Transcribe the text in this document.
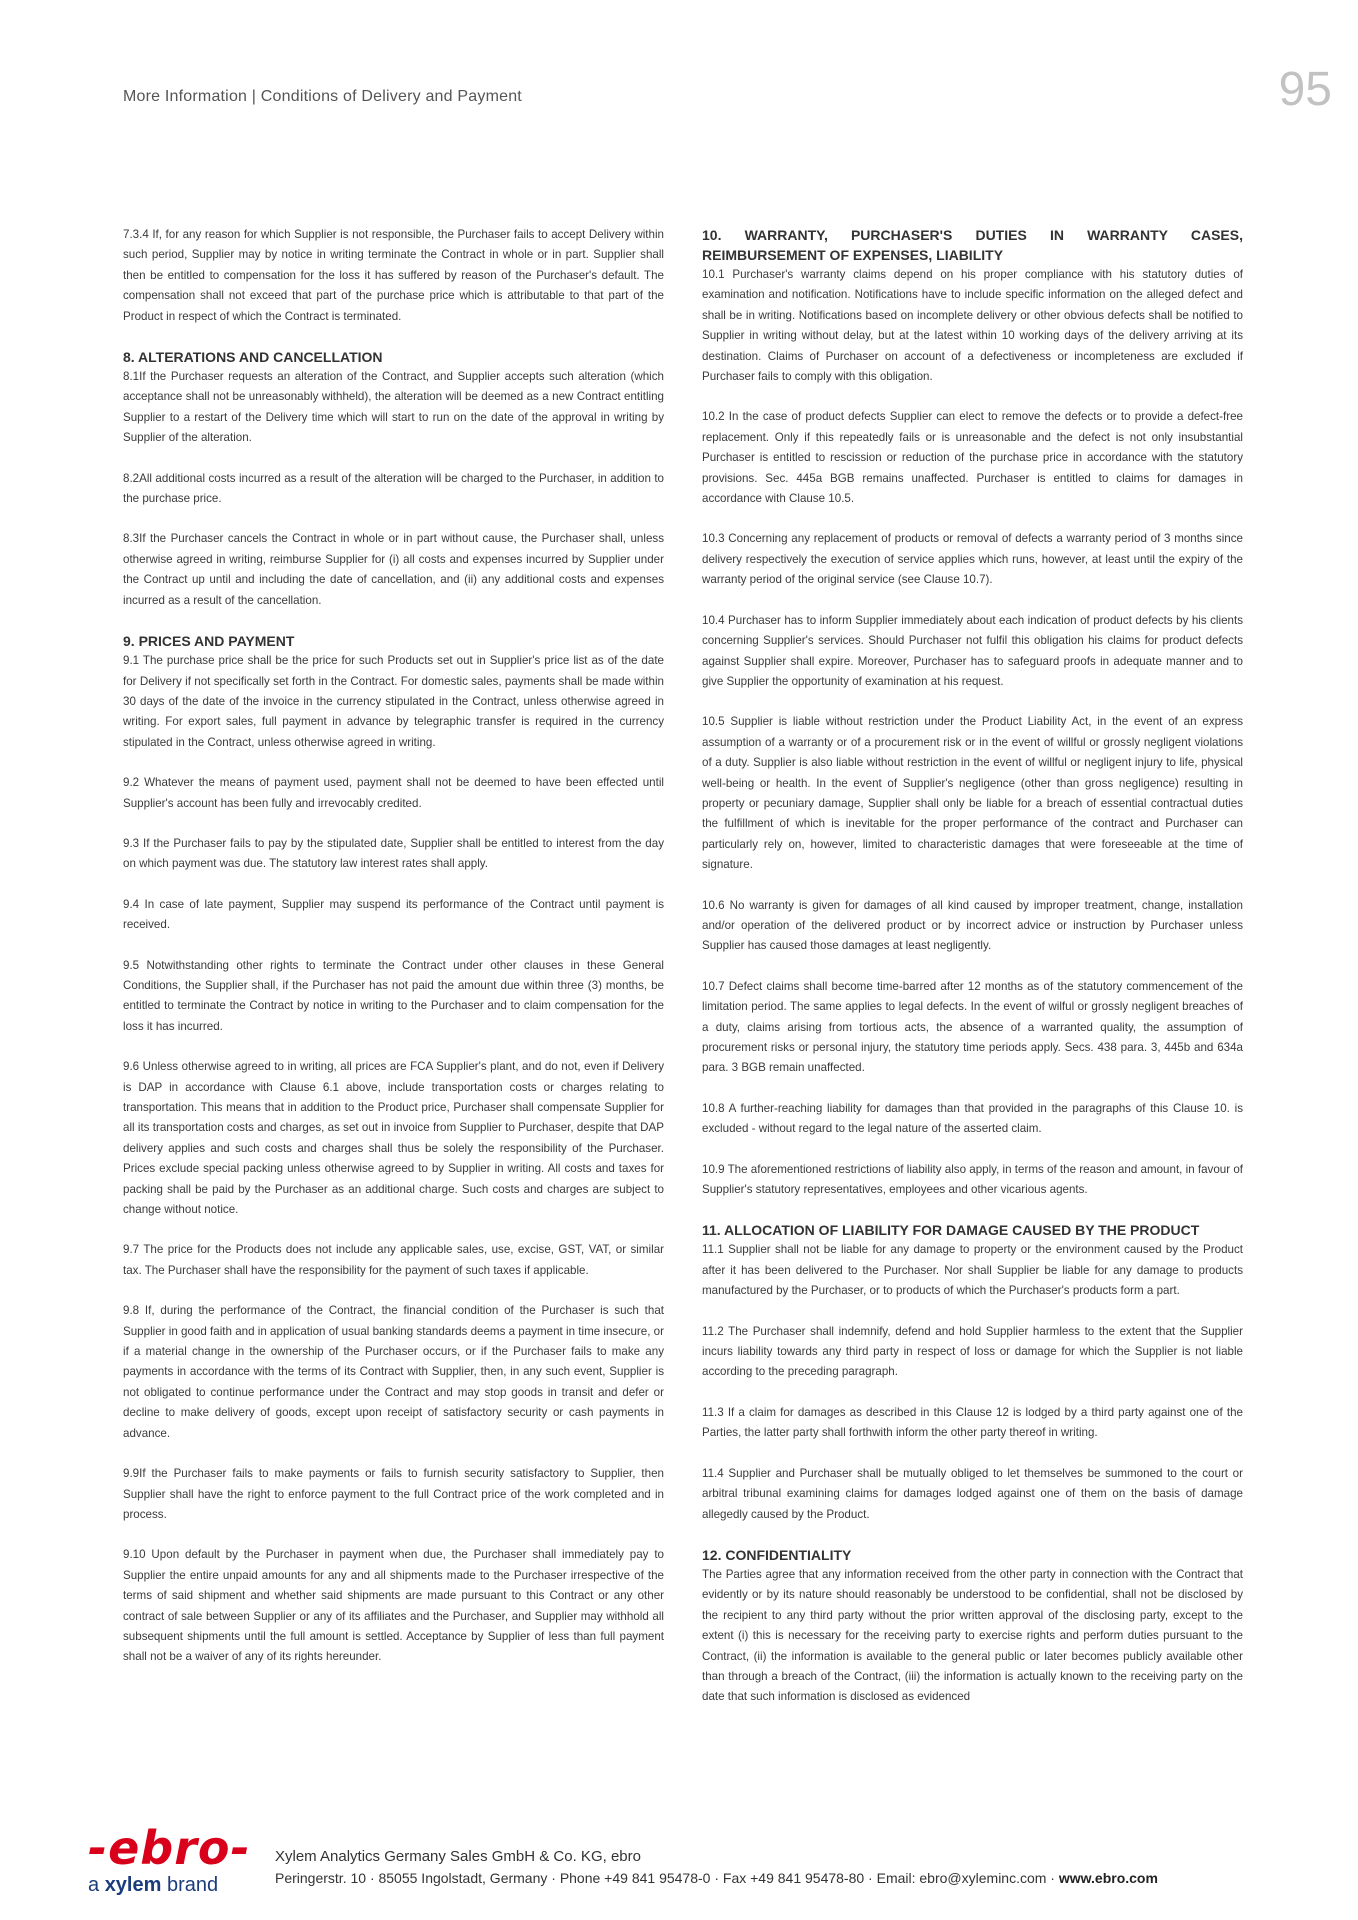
More Information | Conditions of Delivery and Payment	95

7.3.4 If, for any reason for which Supplier is not responsible, the Purchaser fails to accept Delivery within such period, Supplier may by notice in writing terminate the Contract in whole or in part. Supplier shall then be entitled to compensation for the loss it has suffered by reason of the Purchaser's default. The compensation shall not exceed that part of the purchase price which is attributable to that part of the Product in respect of which the Contract is terminated.

8. ALTERATIONS AND CANCELLATION

8.1If the Purchaser requests an alteration of the Contract, and Supplier accepts such alteration (which acceptance shall not be unreasonably withheld), the alteration will be deemed as a new Contract entitling Supplier to a restart of the Delivery time which will start to run on the date of the approval in writing by Supplier of the alteration.

8.2All additional costs incurred as a result of the alteration will be charged to the Purchaser, in addition to the purchase price.

8.3If the Purchaser cancels the Contract in whole or in part without cause, the Purchaser shall, unless otherwise agreed in writing, reimburse Supplier for (i) all costs and expenses incurred by Supplier under the Contract up until and including the date of cancellation, and (ii) any additional costs and expenses incurred as a result of the cancellation.

9. PRICES AND PAYMENT

9.1 The purchase price shall be the price for such Products set out in Supplier's price list as of the date for Delivery if not specifically set forth in the Contract. For domestic sales, payments shall be made within 30 days of the date of the invoice in the currency stipulated in the Contract, unless otherwise agreed in writing. For export sales, full payment in advance by telegraphic transfer is required in the currency stipulated in the Contract, unless otherwise agreed in writing.

9.2 Whatever the means of payment used, payment shall not be deemed to have been effected until Supplier's account has been fully and irrevocably credited.

9.3 If the Purchaser fails to pay by the stipulated date, Supplier shall be entitled to interest from the day on which payment was due. The statutory law interest rates shall apply.

9.4 In case of late payment, Supplier may suspend its performance of the Contract until payment is received.

9.5 Notwithstanding other rights to terminate the Contract under other clauses in these General Conditions, the Supplier shall, if the Purchaser has not paid the amount due within three (3) months, be entitled to terminate the Contract by notice in writing to the Purchaser and to claim compensation for the loss it has incurred.

9.6 Unless otherwise agreed to in writing, all prices are FCA Supplier's plant, and do not, even if Delivery is DAP in accordance with Clause 6.1 above, include transportation costs or charges relating to transportation. This means that in addition to the Product price, Purchaser shall compensate Supplier for all its transportation costs and charges, as set out in invoice from Supplier to Purchaser, despite that DAP delivery applies and such costs and charges shall thus be solely the responsibility of the Purchaser. Prices exclude special packing unless otherwise agreed to by Supplier in writing. All costs and taxes for packing shall be paid by the Purchaser as an additional charge. Such costs and charges are subject to change without notice.

9.7 The price for the Products does not include any applicable sales, use, excise, GST, VAT, or similar tax. The Purchaser shall have the responsibility for the payment of such taxes if applicable.

9.8 If, during the performance of the Contract, the financial condition of the Purchaser is such that Supplier in good faith and in application of usual banking standards deems a payment in time insecure, or if a material change in the ownership of the Purchaser occurs, or if the Purchaser fails to make any payments in accordance with the terms of its Contract with Supplier, then, in any such event, Supplier is not obligated to continue performance under the Contract and may stop goods in transit and defer or decline to make delivery of goods, except upon receipt of satisfactory security or cash payments in advance.

9.9If the Purchaser fails to make payments or fails to furnish security satisfactory to Supplier, then Supplier shall have the right to enforce payment to the full Contract price of the work completed and in process.

9.10 Upon default by the Purchaser in payment when due, the Purchaser shall immediately pay to Supplier the entire unpaid amounts for any and all shipments made to the Purchaser irrespective of the terms of said shipment and whether said shipments are made pursuant to this Contract or any other contract of sale between Supplier or any of its affiliates and the Purchaser, and Supplier may withhold all subsequent shipments until the full amount is settled. Acceptance by Supplier of less than full payment shall not be a waiver of any of its rights hereunder.

10. WARRANTY, PURCHASER'S DUTIES IN WARRANTY CASES, REIMBURSEMENT OF EXPENSES, LIABILITY

10.1 Purchaser's warranty claims depend on his proper compliance with his statutory duties of examination and notification. Notifications have to include specific information on the alleged defect and shall be in writing. Notifications based on incomplete delivery or other obvious defects shall be notified to Supplier in writing without delay, but at the latest within 10 working days of the delivery arriving at its destination. Claims of Purchaser on account of a defectiveness or incompleteness are excluded if Purchaser fails to comply with this obligation.

10.2 In the case of product defects Supplier can elect to remove the defects or to provide a defect-free replacement. Only if this repeatedly fails or is unreasonable and the defect is not only insubstantial Purchaser is entitled to rescission or reduction of the purchase price in accordance with the statutory provisions. Sec. 445a BGB remains unaffected. Purchaser is entitled to claims for damages in accordance with Clause 10.5.

10.3 Concerning any replacement of products or removal of defects a warranty period of 3 months since delivery respectively the execution of service applies which runs, however, at least until the expiry of the warranty period of the original service (see Clause 10.7).

10.4 Purchaser has to inform Supplier immediately about each indication of product defects by his clients concerning Supplier's services. Should Purchaser not fulfil this obligation his claims for product defects against Supplier shall expire. Moreover, Purchaser has to safeguard proofs in adequate manner and to give Supplier the opportunity of examination at his request.

10.5 Supplier is liable without restriction under the Product Liability Act, in the event of an express assumption of a warranty or of a procurement risk or in the event of willful or grossly negligent violations of a duty. Supplier is also liable without restriction in the event of willful or negligent injury to life, physical well-being or health. In the event of Supplier's negligence (other than gross negligence) resulting in property or pecuniary damage, Supplier shall only be liable for a breach of essential contractual duties the fulfillment of which is inevitable for the proper performance of the contract and Purchaser can particularly rely on, however, limited to characteristic damages that were foreseeable at the time of signature.

10.6 No warranty is given for damages of all kind caused by improper treatment, change, installation and/or operation of the delivered product or by incorrect advice or instruction by Purchaser unless Supplier has caused those damages at least negligently.

10.7 Defect claims shall become time-barred after 12 months as of the statutory commencement of the limitation period. The same applies to legal defects. In the event of wilful or grossly negligent breaches of a duty, claims arising from tortious acts, the absence of a warranted quality, the assumption of procurement risks or personal injury, the statutory time periods apply. Secs. 438 para. 3, 445b and 634a para. 3 BGB remain unaffected.

10.8 A further-reaching liability for damages than that provided in the paragraphs of this Clause 10. is excluded - without regard to the legal nature of the asserted claim.

10.9 The aforementioned restrictions of liability also apply, in terms of the reason and amount, in favour of Supplier's statutory representatives, employees and other vicarious agents.

11. ALLOCATION OF LIABILITY FOR DAMAGE CAUSED BY THE PRODUCT

11.1 Supplier shall not be liable for any damage to property or the environment caused by the Product after it has been delivered to the Purchaser. Nor shall Supplier be liable for any damage to products manufactured by the Purchaser, or to products of which the Purchaser's products form a part.

11.2 The Purchaser shall indemnify, defend and hold Supplier harmless to the extent that the Supplier incurs liability towards any third party in respect of loss or damage for which the Supplier is not liable according to the preceding paragraph.

11.3 If a claim for damages as described in this Clause 12 is lodged by a third party against one of the Parties, the latter party shall forthwith inform the other party thereof in writing.

11.4 Supplier and Purchaser shall be mutually obliged to let themselves be summoned to the court or arbitral tribunal examining claims for damages lodged against one of them on the basis of damage allegedly caused by the Product.

12. CONFIDENTIALITY

The Parties agree that any information received from the other party in connection with the Contract that evidently or by its nature should reasonably be understood to be confidential, shall not be disclosed by the recipient to any third party without the prior written approval of the disclosing party, except to the extent (i) this is necessary for the receiving party to exercise rights and perform duties pursuant to the Contract, (ii) the information is available to the general public or later becomes publicly available other than through a breach of the Contract, (iii) the information is actually known to the receiving party on the date that such information is disclosed as evidenced

-ebro-
a xylem brand
Xylem Analytics Germany Sales GmbH & Co. KG, ebro
Peringerstr. 10 · 85055 Ingolstadt, Germany · Phone +49 841 95478-0 · Fax +49 841 95478-80 · Email: ebro@xyleminc.com · www.ebro.com
